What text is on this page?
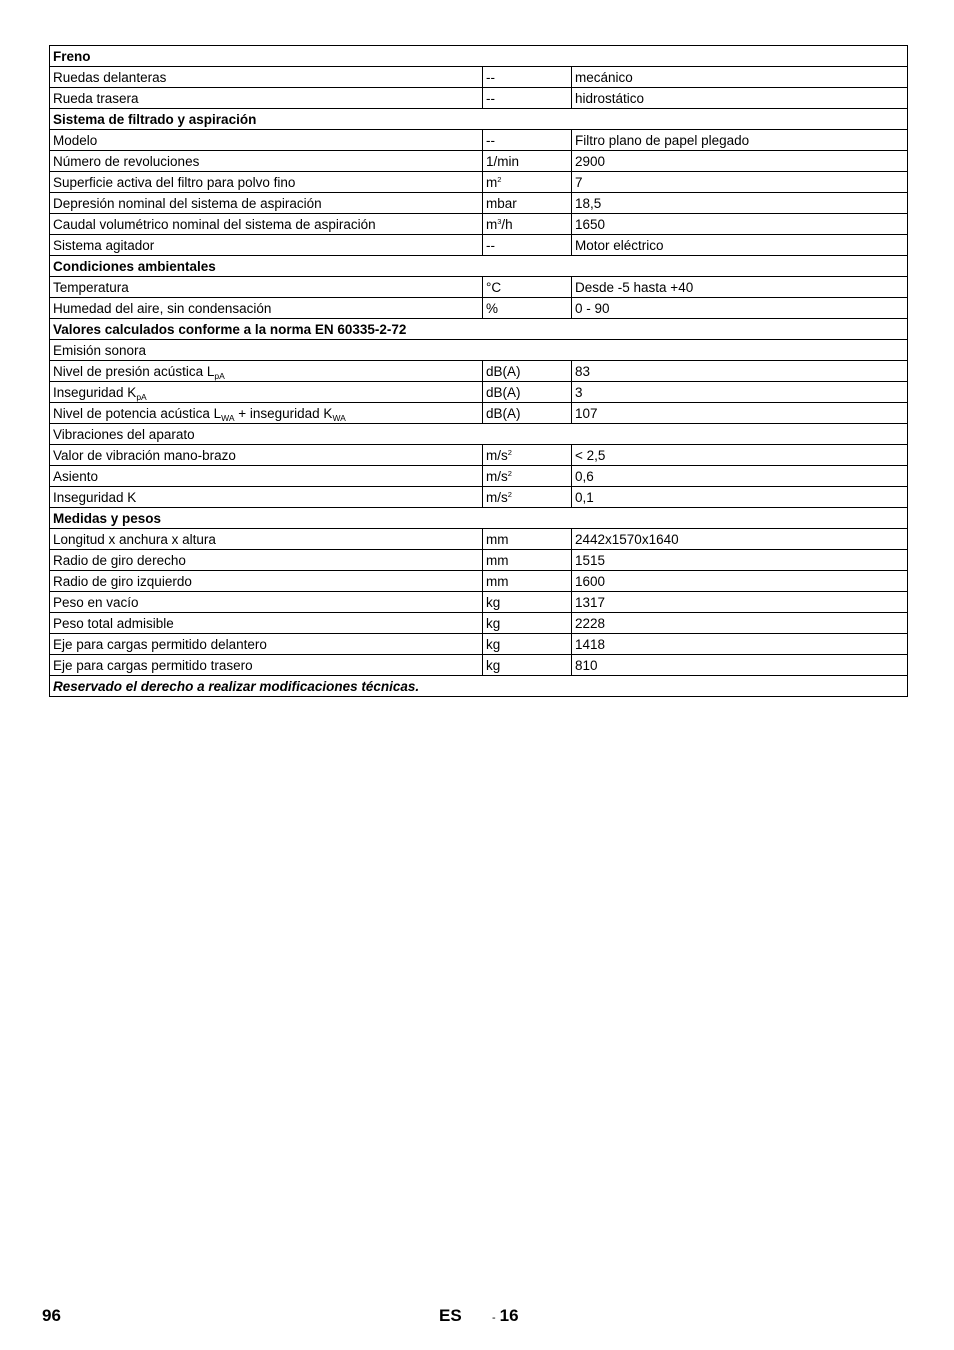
Freno		
Ruedas delanteras	--	mecánico
Rueda trasera	--	hidrostático
Sistema de filtrado y aspiración		
Modelo	--	Filtro plano de papel plegado
Número de revoluciones	1/min	2900
Superficie activa del filtro para polvo fino	$m^2$	7
Depresión nominal del sistema de aspiración	mbar	18,5
Caudal volumétrico nominal del sistema de aspiración	$m^3/h$	1650
Sistema agitador	--	Motor eléctrico
Condiciones ambientales		
Temperatura	°C	Desde -5 hasta +40
Humedad del aire, sin condensación	%	0 - 90
Valores calculados conforme a la norma EN 60335-2-72		
Emisión sonora		
Nivel de presión acústica $L_{pA}$	dB(A)	83
Inseguridad $K_{pA}$	dB(A)	3
Nivel de potencia acústica $L_{WA}$ + inseguridad $K_{WA}$	dB(A)	107
Vibraciones del aparato		
Valor de vibración mano-brazo	$m/s^2$	< 2,5
Asiento	$m/s^2$	0,6
Inseguridad K	$m/s^2$	0,1
Medidas y pesos		
Longitud x anchura x altura	mm	2442x1570x1640
Radio de giro derecho	mm	1515
Radio de giro izquierdo	mm	1600
Peso en vacío	kg	1317
Peso total admisible	kg	2228
Eje para cargas permitido delantero	kg	1418
Eje para cargas permitido trasero	kg	810
Reservado el derecho a realizar modificaciones técnicas.		
96	ES	- 16
